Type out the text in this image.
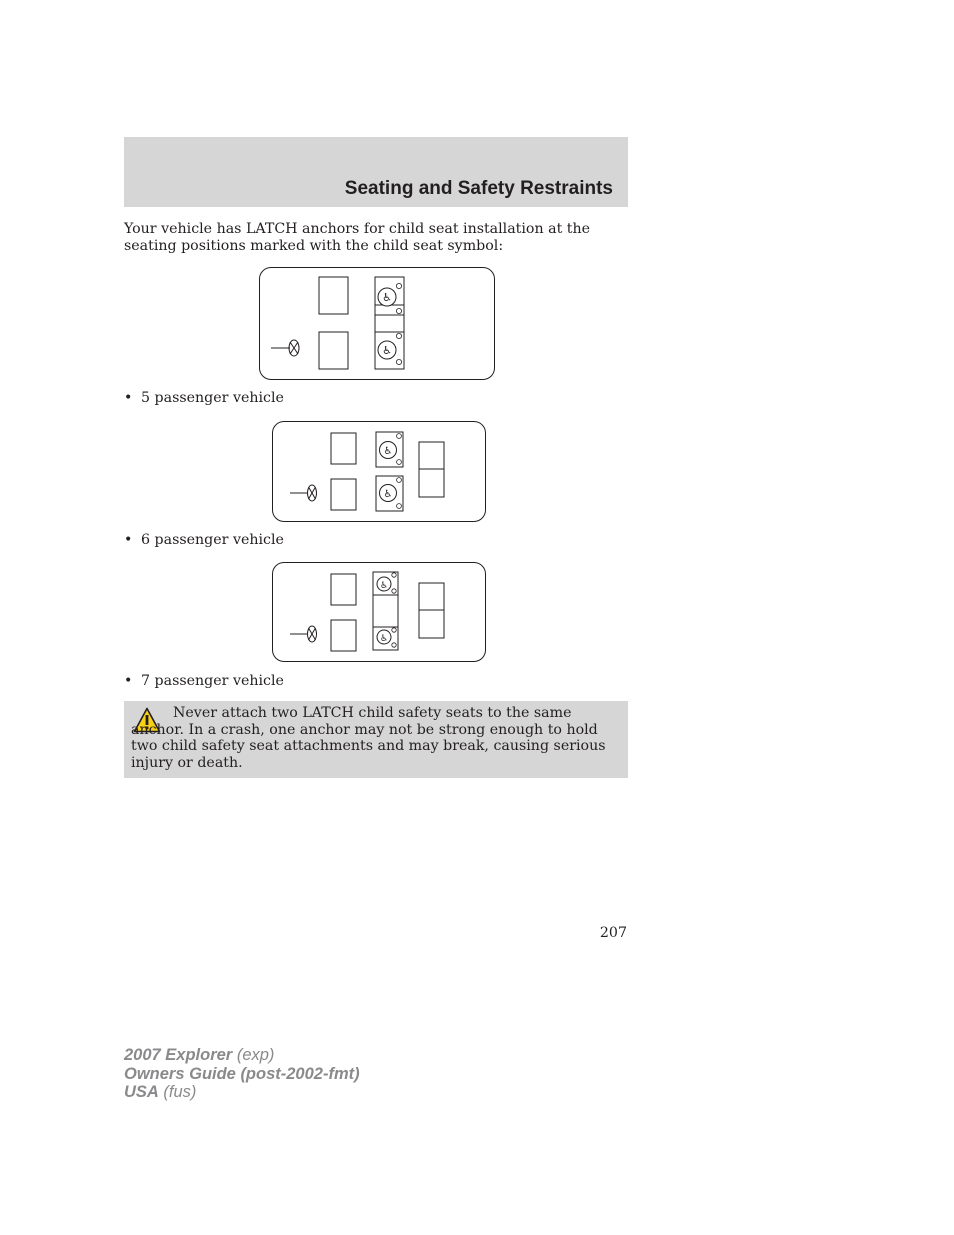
Seating and Safety Restraints
Your vehicle has LATCH anchors for child seat installation at the seating positions marked with the child seat symbol:
♿
♿
• 5 passenger vehicle
♿
♿
• 6 passenger vehicle
♿
♿
• 7 passenger vehicle
Never attach two LATCH child safety seats to the same anchor. In a crash, one anchor may not be strong enough to hold two child safety seat attachments and may break, causing serious injury or death.
207
2007 Explorer (exp)
Owners Guide (post-2002-fmt)
USA (fus)
